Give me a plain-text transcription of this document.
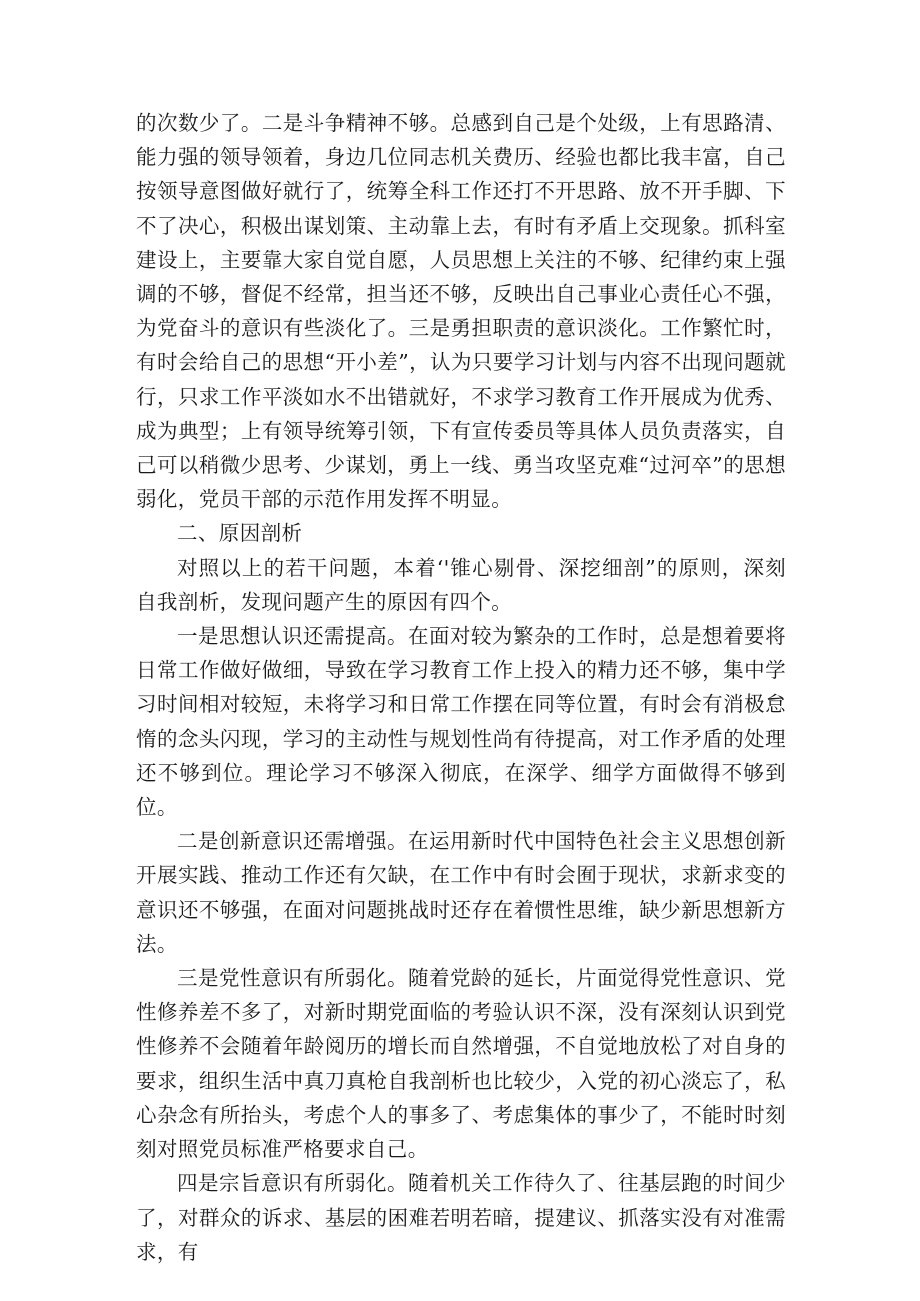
的次数少了。二是斗争精神不够。总感到自己是个处级，上有思路清、能力强的领导领着，身边几位同志机关费历、经验也都比我丰富，自己按领导意图做好就行了，统筹全科工作还打不开思路、放不开手脚、下不了决心，积极出谋划策、主动靠上去，有时有矛盾上交现象。抓科室建设上，主要靠大家自觉自愿，人员思想上关注的不够、纪律约束上强调的不够，督促不经常，担当还不够，反映出自己事业心责任心不强，为党奋斗的意识有些淡化了。三是勇担职责的意识淡化。工作繁忙时，有时会给自己的思想“开小差”，认为只要学习计划与内容不出现问题就行，只求工作平淡如水不出错就好，不求学习教育工作开展成为优秀、成为典型；上有领导统筹引领，下有宣传委员等具体人员负责落实，自己可以稍微少思考、少谋划，勇上一线、勇当攻坚克难“过河卒”的思想弱化，党员干部的示范作用发挥不明显。

二、原因剖析

对照以上的若干问题，本着‘'锥心剔骨、深挖细剖”的原则，深刻自我剖析，发现问题产生的原因有四个。

一是思想认识还需提高。在面对较为繁杂的工作时，总是想着要将日常工作做好做细，导致在学习教育工作上投入的精力还不够，集中学习时间相对较短，未将学习和日常工作摆在同等位置，有时会有消极怠惰的念头闪现，学习的主动性与规划性尚有待提高，对工作矛盾的处理还不够到位。理论学习不够深入彻底，在深学、细学方面做得不够到位。

二是创新意识还需增强。在运用新时代中国特色社会主义思想创新开展实践、推动工作还有欠缺，在工作中有时会囿于现状，求新求变的意识还不够强，在面对问题挑战时还存在着惯性思维，缺少新思想新方法。

三是党性意识有所弱化。随着党龄的延长，片面觉得党性意识、党性修养差不多了，对新时期党面临的考验认识不深，没有深刻认识到党性修养不会随着年龄阅历的增长而自然增强，不自觉地放松了对自身的要求，组织生活中真刀真枪自我剖析也比较少，入党的初心淡忘了，私心杂念有所抬头，考虑个人的事多了、考虑集体的事少了，不能时时刻刻对照党员标准严格要求自己。

四是宗旨意识有所弱化。随着机关工作待久了、往基层跑的时间少了，对群众的诉求、基层的困难若明若暗，提建议、抓落实没有对准需求，有
